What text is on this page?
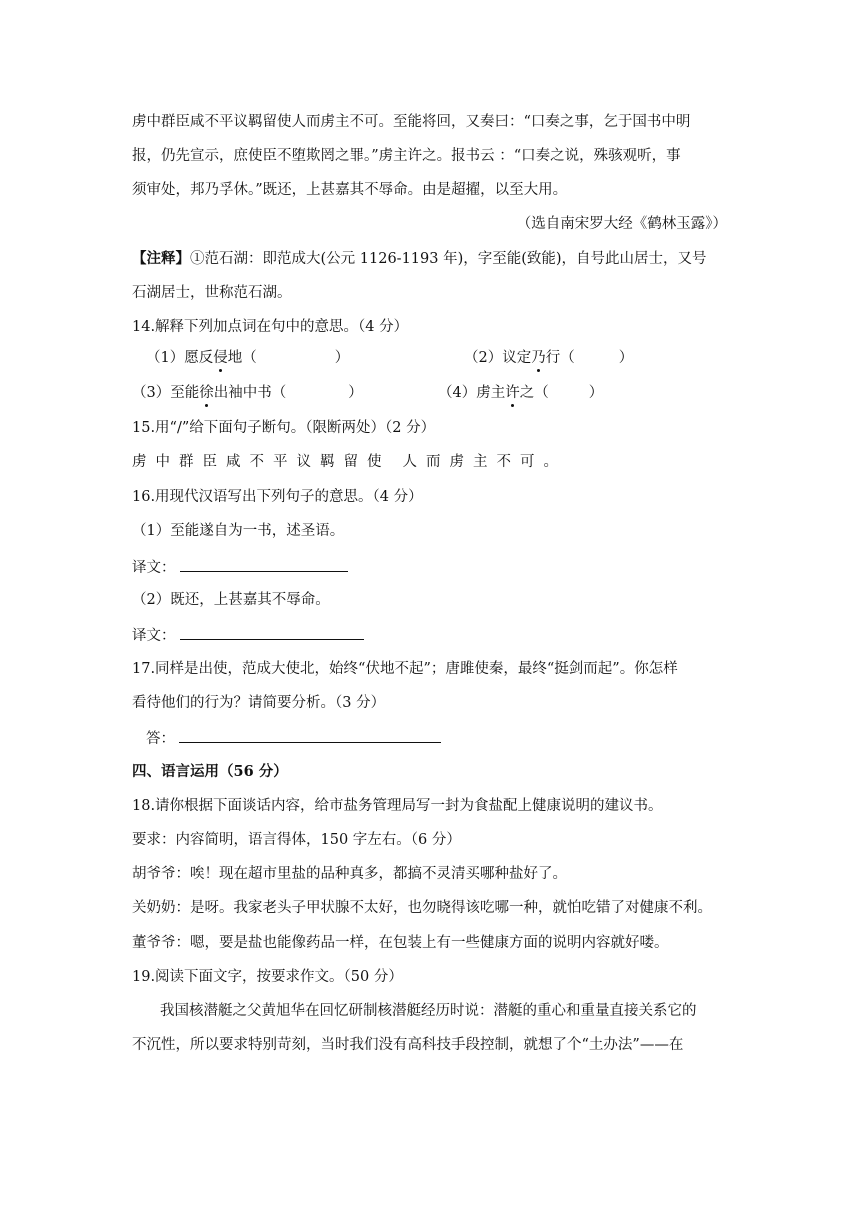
虏中群臣咸不平议羁留使人而虏主不可。至能将回，又奏曰：“口奏之事，乞于国书中明
报，仍先宣示，庶使臣不堕欺罔之罪。”虏主许之。报书云 ：“口奏之说，殊骇观听，事
须审处，邦乃孚休。”既还，上甚嘉其不辱命。由是超擢，以至大用。
（选自南宋罗大经《鹤林玉露》）
【注释】①范石湖：即范成大(公元 1126-1193 年)，字至能(致能)，自号此山居士，又号
石湖居士，世称范石湖。
14.解释下列加点词在句中的意思。（4 分）
（1）愿反侵地（	）	（2）议定乃行（	）
（3）至能徐出袖中书（	）	（4）虏主许之（	）
15.用“/”给下面句子断句。（限断两处）（2 分）
虏中群臣咸不平议羁留使 人而虏主不可。
16.用现代汉语写出下列句子的意思。（4 分）
（1）至能遂自为一书，述圣语。
译文：
（2）既还，上甚嘉其不辱命。
译文：
17.同样是出使，范成大使北，始终“伏地不起”；唐雎使秦，最终“挺剑而起”。你怎样
看待他们的行为？请简要分析。（3 分）
答：
四、语言运用（56 分）
18.请你根据下面谈话内容，给市盐务管理局写一封为食盐配上健康说明的建议书。
要求：内容简明，语言得体，150 字左右。（6 分）
胡爷爷：唉！现在超市里盐的品种真多，都搞不灵清买哪种盐好了。
关奶奶：是呀。我家老头子甲状腺不太好，也勿晓得该吃哪一种，就怕吃错了对健康不利。
董爷爷：嗯，要是盐也能像药品一样，在包装上有一些健康方面的说明内容就好喽。
19.阅读下面文字，按要求作文。（50 分）
我国核潜艇之父黄旭华在回忆研制核潜艇经历时说：潜艇的重心和重量直接关系它的
不沉性，所以要求特别苛刻，当时我们没有高科技手段控制，就想了个“土办法”——在
